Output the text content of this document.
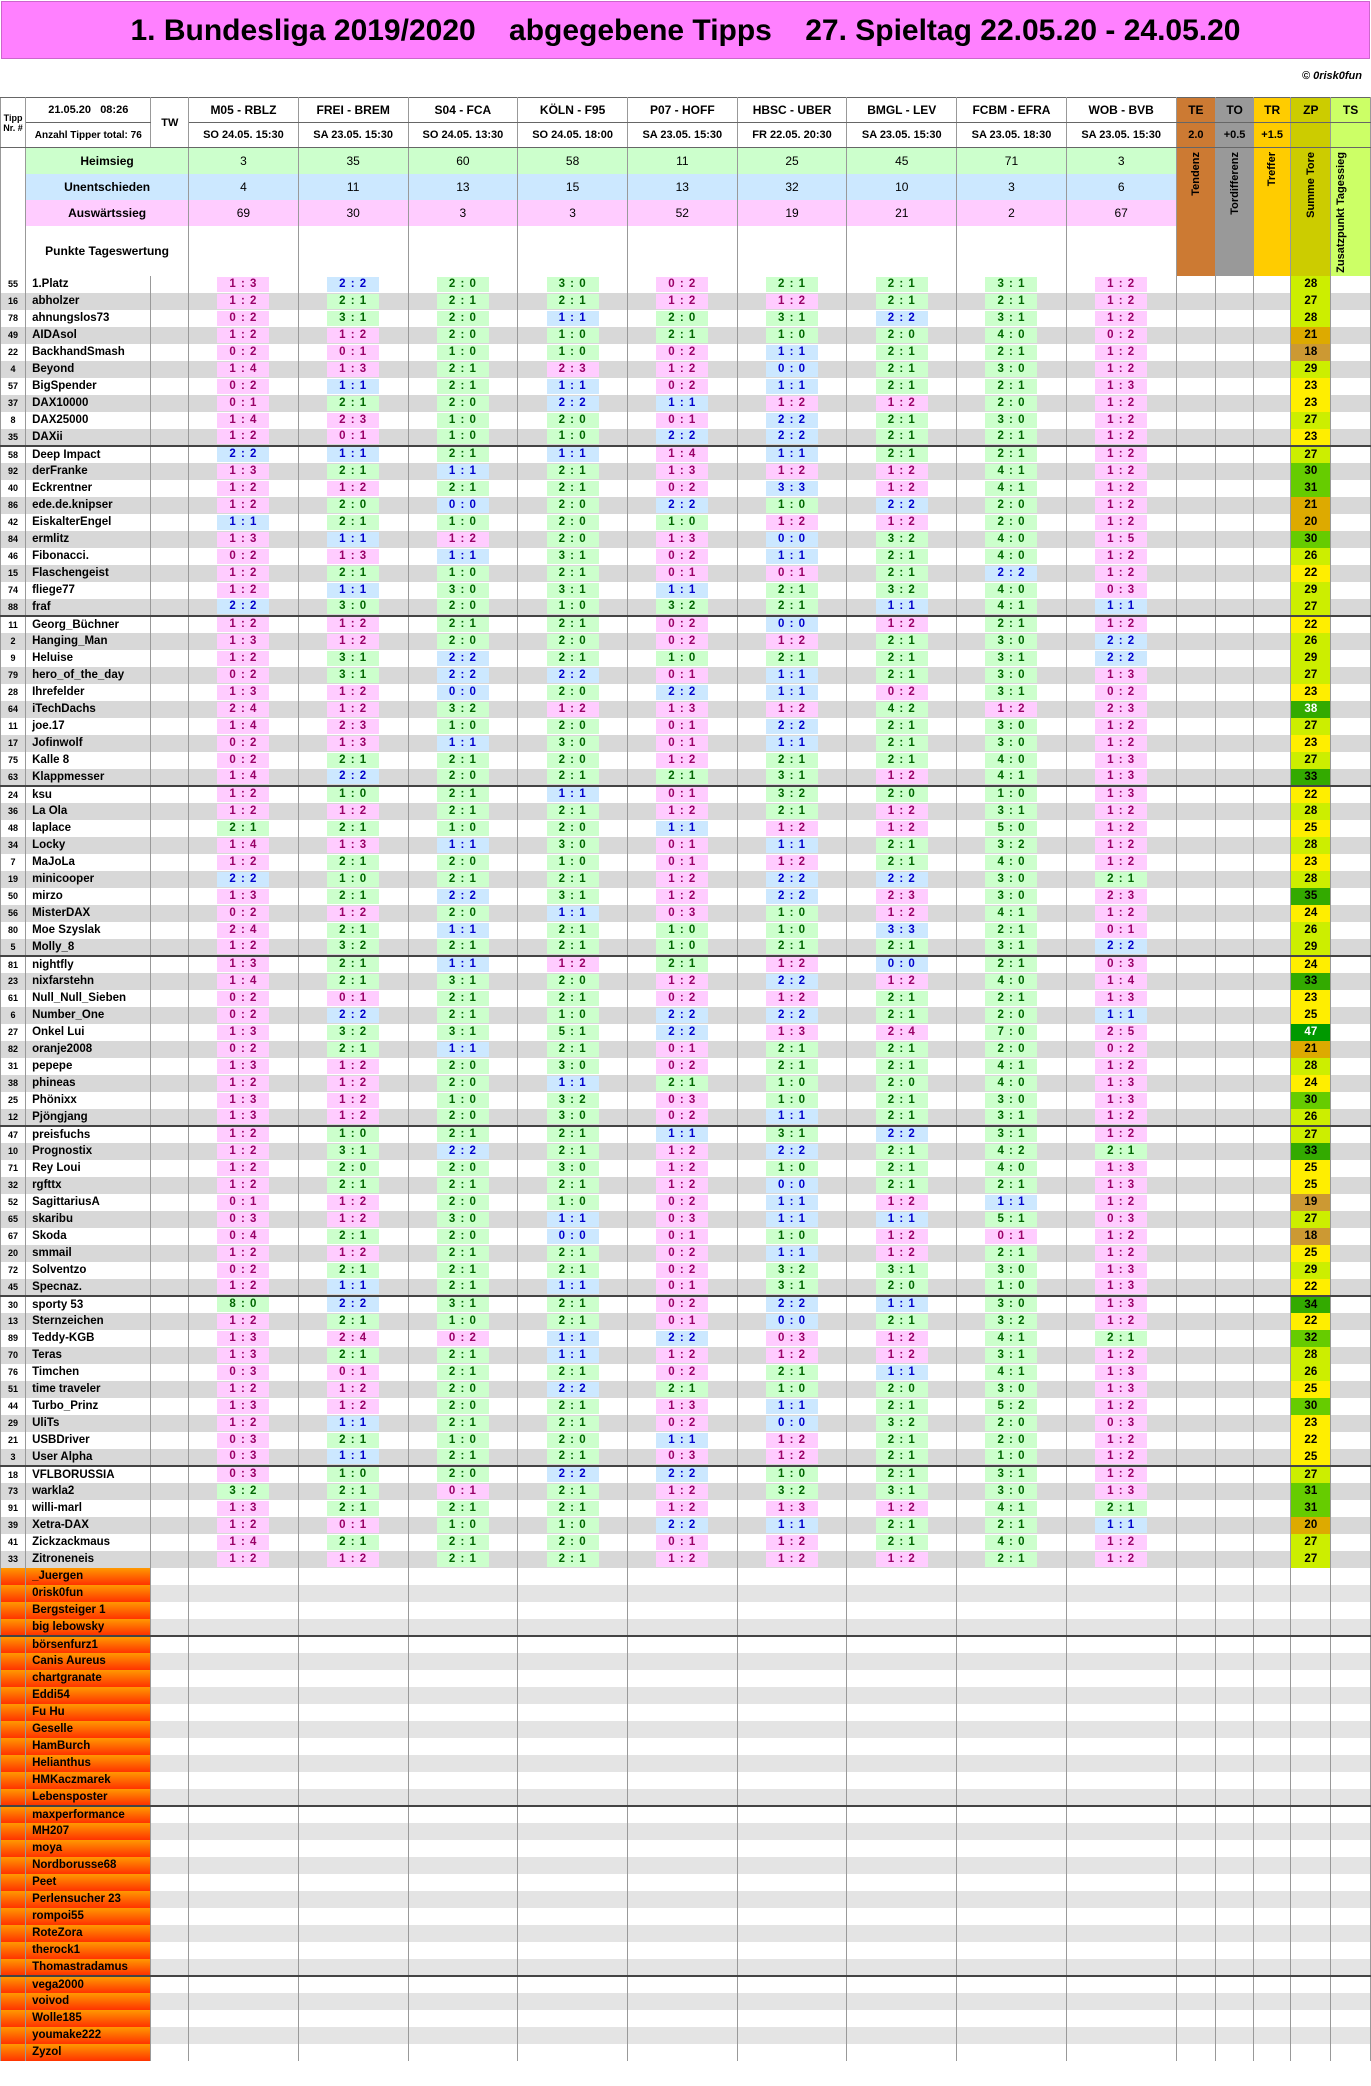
1. Bundesliga 2019/2020    abgegebene Tipps    27. Spieltag 22.05.20 - 24.05.20
© 0risk0fun
Tipp Nr. #	21.05.20   08:26	TW	M05 - RBLZ	FREI - BREM	S04 - FCA	KÖLN - F95	P07 - HOFF	HBSC - UBER	BMGL - LEV	FCBM - EFRA	WOB - BVB	TE	TO	TR	ZP	TS
	Anzahl Tipper total: 76		SO 24.05. 15:30	SA 23.05. 15:30	SO 24.05. 13:30	SO 24.05. 18:00	SA 23.05. 15:30	FR 22.05. 20:30	SA 23.05. 15:30	SA 23.05. 18:30	SA 23.05. 15:30	2.0	+0.5	+1.5		
	Heimsieg		3	35	60	58	11	25	45	71	3	Tendenz	Tordifferenz	Treffer	Summe Tore	Zusatzpunkt Tagessieg
	Unentschieden		4	11	13	15	13	32	10	3	6					
	Auswärtssieg		69	30	3	3	52	19	21	2	67					
	Punkte Tageswertung															
55	1.Platz		1 : 3	2 : 2	2 : 0	3 : 0	0 : 2	2 : 1	2 : 1	3 : 1	1 : 2				28	
16	abholzer		1 : 2	2 : 1	2 : 1	2 : 1	1 : 2	1 : 2	2 : 1	2 : 1	1 : 2				27	
78	ahnungslos73		0 : 2	3 : 1	2 : 0	1 : 1	2 : 0	3 : 1	2 : 2	3 : 1	1 : 2				28	
49	AIDAsol		1 : 2	1 : 2	2 : 0	1 : 0	2 : 1	1 : 0	2 : 0	4 : 0	0 : 2				21	
22	BackhandSmash		0 : 2	0 : 1	1 : 0	1 : 0	0 : 2	1 : 1	2 : 1	2 : 1	1 : 2				18	
4	Beyond		1 : 4	1 : 3	2 : 1	2 : 3	1 : 2	0 : 0	2 : 1	3 : 0	1 : 2				29	
57	BigSpender		0 : 2	1 : 1	2 : 1	1 : 1	0 : 2	1 : 1	2 : 1	2 : 1	1 : 3				23	
37	DAX10000		0 : 1	2 : 1	2 : 0	2 : 2	1 : 1	1 : 2	1 : 2	2 : 0	1 : 2				23	
8	DAX25000		1 : 4	2 : 3	1 : 0	2 : 0	0 : 1	2 : 2	2 : 1	3 : 0	1 : 2				27	
35	DAXii		1 : 2	0 : 1	1 : 0	1 : 0	2 : 2	2 : 2	2 : 1	2 : 1	1 : 2				23	
58	Deep Impact		2 : 2	1 : 1	2 : 1	1 : 1	1 : 4	1 : 1	2 : 1	2 : 1	1 : 2				27	
92	derFranke		1 : 3	2 : 1	1 : 1	2 : 1	1 : 3	1 : 2	1 : 2	4 : 1	1 : 2				30	
40	Eckrentner		1 : 2	1 : 2	2 : 1	2 : 1	0 : 2	3 : 3	1 : 2	4 : 1	1 : 2				31	
86	ede.de.knipser		1 : 2	2 : 0	0 : 0	2 : 0	2 : 2	1 : 0	2 : 2	2 : 0	1 : 2				21	
42	EiskalterEngel		1 : 1	2 : 1	1 : 0	2 : 0	1 : 0	1 : 2	1 : 2	2 : 0	1 : 2				20	
84	ermlitz		1 : 3	1 : 1	1 : 2	2 : 0	1 : 3	0 : 0	3 : 2	4 : 0	1 : 5				30	
46	Fibonacci.		0 : 2	1 : 3	1 : 1	3 : 1	0 : 2	1 : 1	2 : 1	4 : 0	1 : 2				26	
15	Flaschengeist		1 : 2	2 : 1	1 : 0	2 : 1	0 : 1	0 : 1	2 : 1	2 : 2	1 : 2				22	
74	fliege77		1 : 2	1 : 1	3 : 0	3 : 1	1 : 1	2 : 1	3 : 2	4 : 0	0 : 3				29	
88	fraf		2 : 2	3 : 0	2 : 0	1 : 0	3 : 2	2 : 1	1 : 1	4 : 1	1 : 1				27	
11	Georg_Büchner		1 : 2	1 : 2	2 : 1	2 : 1	0 : 2	0 : 0	1 : 2	2 : 1	1 : 2				22	
2	Hanging_Man		1 : 3	1 : 2	2 : 0	2 : 0	0 : 2	1 : 2	2 : 1	3 : 0	2 : 2				26	
9	Heluise		1 : 2	3 : 1	2 : 2	2 : 1	1 : 0	2 : 1	2 : 1	3 : 1	2 : 2				29	
79	hero_of_the_day		0 : 2	3 : 1	2 : 2	2 : 2	0 : 1	1 : 1	2 : 1	3 : 0	1 : 3				27	
28	Ihrefelder		1 : 3	1 : 2	0 : 0	2 : 0	2 : 2	1 : 1	0 : 2	3 : 1	0 : 2				23	
64	iTechDachs		2 : 4	1 : 2	3 : 2	1 : 2	1 : 3	1 : 2	4 : 2	1 : 2	2 : 3				38	
11	joe.17		1 : 4	2 : 3	1 : 0	2 : 0	0 : 1	2 : 2	2 : 1	3 : 0	1 : 2				27	
17	Jofinwolf		0 : 2	1 : 3	1 : 1	3 : 0	0 : 1	1 : 1	2 : 1	3 : 0	1 : 2				23	
75	Kalle 8		0 : 2	2 : 1	2 : 1	2 : 0	1 : 2	2 : 1	2 : 1	4 : 0	1 : 3				27	
63	Klappmesser		1 : 4	2 : 2	2 : 0	2 : 1	2 : 1	3 : 1	1 : 2	4 : 1	1 : 3				33	
24	ksu		1 : 2	1 : 0	2 : 1	1 : 1	0 : 1	3 : 2	2 : 0	1 : 0	1 : 3				22	
36	La Ola		1 : 2	1 : 2	2 : 1	2 : 1	1 : 2	2 : 1	1 : 2	3 : 1	1 : 2				28	
48	laplace		2 : 1	2 : 1	1 : 0	2 : 0	1 : 1	1 : 2	1 : 2	5 : 0	1 : 2				25	
34	Locky		1 : 4	1 : 3	1 : 1	3 : 0	0 : 1	1 : 1	2 : 1	3 : 2	1 : 2				28	
7	MaJoLa		1 : 2	2 : 1	2 : 0	1 : 0	0 : 1	1 : 2	2 : 1	4 : 0	1 : 2				23	
19	minicooper		2 : 2	1 : 0	2 : 1	2 : 1	1 : 2	2 : 2	2 : 2	3 : 0	2 : 1				28	
50	mirzo		1 : 3	2 : 1	2 : 2	3 : 1	1 : 2	2 : 2	2 : 3	3 : 0	2 : 3				35	
56	MisterDAX		0 : 2	1 : 2	2 : 0	1 : 1	0 : 3	1 : 0	1 : 2	4 : 1	1 : 2				24	
80	Moe Szyslak		2 : 4	2 : 1	1 : 1	2 : 1	1 : 0	1 : 0	3 : 3	2 : 1	0 : 1				26	
5	Molly_8		1 : 2	3 : 2	2 : 1	2 : 1	1 : 0	2 : 1	2 : 1	3 : 1	2 : 2				29	
81	nightfly		1 : 3	2 : 1	1 : 1	1 : 2	2 : 1	1 : 2	0 : 0	2 : 1	0 : 3				24	
23	nixfarstehn		1 : 4	2 : 1	3 : 1	2 : 0	1 : 2	2 : 2	1 : 2	4 : 0	1 : 4				33	
61	Null_Null_Sieben		0 : 2	0 : 1	2 : 1	2 : 1	0 : 2	1 : 2	2 : 1	2 : 1	1 : 3				23	
6	Number_One		0 : 2	2 : 2	2 : 1	1 : 0	2 : 2	2 : 2	2 : 1	2 : 0	1 : 1				25	
27	Onkel Lui		1 : 3	3 : 2	3 : 1	5 : 1	2 : 2	1 : 3	2 : 4	7 : 0	2 : 5				47	
82	oranje2008		0 : 2	2 : 1	1 : 1	2 : 1	0 : 1	2 : 1	2 : 1	2 : 0	0 : 2				21	
31	pepepe		1 : 3	1 : 2	2 : 0	3 : 0	0 : 2	2 : 1	2 : 1	4 : 1	1 : 2				28	
38	phineas		1 : 2	1 : 2	2 : 0	1 : 1	2 : 1	1 : 0	2 : 0	4 : 0	1 : 3				24	
25	Phönixx		1 : 3	1 : 2	1 : 0	3 : 2	0 : 3	1 : 0	2 : 1	3 : 0	1 : 3				30	
12	Pjöngjang		1 : 3	1 : 2	2 : 0	3 : 0	0 : 2	1 : 1	2 : 1	3 : 1	1 : 2				26	
47	preisfuchs		1 : 2	1 : 0	2 : 1	2 : 1	1 : 1	3 : 1	2 : 2	3 : 1	1 : 2				27	
10	Prognostix		1 : 2	3 : 1	2 : 2	2 : 1	1 : 2	2 : 2	2 : 1	4 : 2	2 : 1				33	
71	Rey Loui		1 : 2	2 : 0	2 : 0	3 : 0	1 : 2	1 : 0	2 : 1	4 : 0	1 : 3				25	
32	rgfttx		1 : 2	2 : 1	2 : 1	2 : 1	1 : 2	0 : 0	2 : 1	2 : 1	1 : 3				25	
52	SagittariusA		0 : 1	1 : 2	2 : 0	1 : 0	0 : 2	1 : 1	1 : 2	1 : 1	1 : 2				19	
65	skaribu		0 : 3	1 : 2	3 : 0	1 : 1	0 : 3	1 : 1	1 : 1	5 : 1	0 : 3				27	
67	Skoda		0 : 4	2 : 1	2 : 0	0 : 0	0 : 1	1 : 0	1 : 2	0 : 1	1 : 2				18	
20	smmail		1 : 2	1 : 2	2 : 1	2 : 1	0 : 2	1 : 1	1 : 2	2 : 1	1 : 2				25	
72	Solventzo		0 : 2	2 : 1	2 : 1	2 : 1	0 : 2	3 : 2	3 : 1	3 : 0	1 : 3				29	
45	Specnaz.		1 : 2	1 : 1	2 : 1	1 : 1	0 : 1	3 : 1	2 : 0	1 : 0	1 : 3				22	
30	sporty 53		8 : 0	2 : 2	3 : 1	2 : 1	0 : 2	2 : 2	1 : 1	3 : 0	1 : 3				34	
13	Sternzeichen		1 : 2	2 : 1	1 : 0	2 : 1	0 : 1	0 : 0	2 : 1	3 : 2	1 : 2				22	
89	Teddy-KGB		1 : 3	2 : 4	0 : 2	1 : 1	2 : 2	0 : 3	1 : 2	4 : 1	2 : 1				32	
70	Teras		1 : 3	2 : 1	2 : 1	1 : 1	1 : 2	1 : 2	1 : 2	3 : 1	1 : 2				28	
76	Timchen		0 : 3	0 : 1	2 : 1	2 : 1	0 : 2	2 : 1	1 : 1	4 : 1	1 : 3				26	
51	time traveler		1 : 2	1 : 2	2 : 0	2 : 2	2 : 1	1 : 0	2 : 0	3 : 0	1 : 3				25	
44	Turbo_Prinz		1 : 3	1 : 2	2 : 0	2 : 1	1 : 3	1 : 1	2 : 1	5 : 2	1 : 2				30	
29	UliTs		1 : 2	1 : 1	2 : 1	2 : 1	0 : 2	0 : 0	3 : 2	2 : 0	0 : 3				23	
21	USBDriver		0 : 3	2 : 1	1 : 0	2 : 0	1 : 1	1 : 2	2 : 1	2 : 0	1 : 2				22	
3	User Alpha		0 : 3	1 : 1	2 : 1	2 : 1	0 : 3	1 : 2	2 : 1	1 : 0	1 : 2				25	
18	VFLBORUSSIA		0 : 3	1 : 0	2 : 0	2 : 2	2 : 2	1 : 0	2 : 1	3 : 1	1 : 2				27	
73	warkla2		3 : 2	2 : 1	0 : 1	2 : 1	1 : 2	3 : 2	3 : 1	3 : 0	1 : 3				31	
91	willi-marl		1 : 3	2 : 1	2 : 1	2 : 1	1 : 2	1 : 3	1 : 2	4 : 1	2 : 1				31	
39	Xetra-DAX		1 : 2	0 : 1	1 : 0	1 : 0	2 : 2	1 : 1	2 : 1	2 : 1	1 : 1				20	
41	Zickzackmaus		1 : 4	2 : 1	2 : 1	2 : 0	0 : 1	1 : 2	2 : 1	4 : 0	1 : 2				27	
33	Zitroneneis		1 : 2	1 : 2	2 : 1	2 : 1	1 : 2	1 : 2	1 : 2	2 : 1	1 : 2				27	
	_Juergen															
	0risk0fun															
	Bergsteiger 1															
	big lebowsky															
	börsenfurz1															
	Canis Aureus															
	chartgranate															
	Eddi54															
	Fu Hu															
	Geselle															
	HamBurch															
	Helianthus															
	HMKaczmarek															
	Lebensposter															
	maxperformance															
	MH207															
	moya															
	Nordborusse68															
	Peet															
	Perlensucher 23															
	rompoi55															
	RoteZora															
	therock1															
	Thomastradamus															
	vega2000															
	voivod															
	Wolle185															
	youmake222															
	Zyzol															
